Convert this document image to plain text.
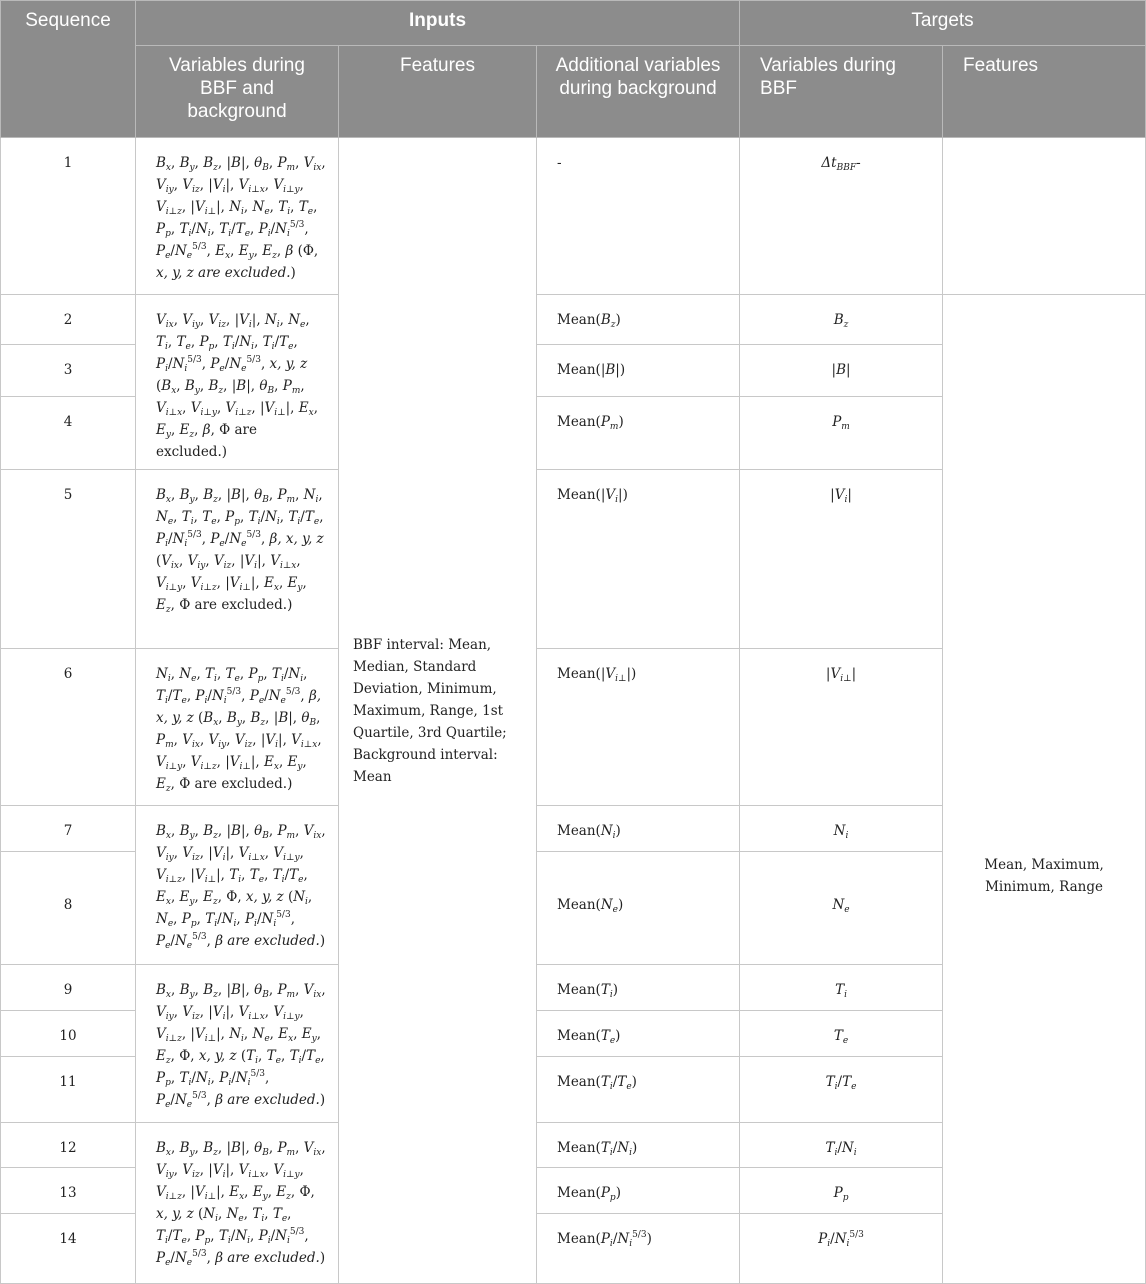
Sequence	Inputs			Targets	
	Variables during BBF and background	Features	Additional variables during background	Variables during BBF	Features
1	$B_x$, $B_y$, $B_z$, |B|, $\theta_B$, $P_m$, $V_{ix}$, $V_{iy}$, $V_{iz}$, $|V_i|$, $V_{i\perp x}$, $V_{i\perp y}$, $V_{i\perp z}$, $|V_{i\perp}|$, $N_i$, $N_e$, $T_i$, $T_e$, $P_p$, $T_i/N_i$, $T_i/T_e$, $P_i/N_i^{5/3}$, $P_e/N_e^{5/3}$, $E_x$, $E_y$, $E_z$, β (Φ, x, y, z are excluded.)	BBF interval: Mean, Median, Standard Deviation, Minimum, Maximum, Range, 1st Quartile, 3rd Quartile; Background interval: Mean	-	$\Delta t_{BBF}-$	
2	$V_{ix}$, $V_{iy}$, $V_{iz}$, $|V_i|$, $N_i$, $N_e$, $T_i$, $T_e$, $P_p$, $T_i/N_i$, $T_i/T_e$, $P_i/N_i^{5/3}$, $P_e/N_e^{5/3}$, x, y, z ($B_x$, $B_y$, $B_z$, |B|, $\theta_B$, $P_m$, $V_{i\perp x}$, $V_{i\perp y}$, $V_{i\perp z}$, $|V_{i\perp}|$, $E_x$, $E_y$, $E_z$, β, Φ are excluded.)		$Mean(B_z)$	$B_z$	Mean, Maximum, Minimum, Range
3			Mean(|B|)	|B|	
4			$Mean(P_m)$	$P_m$
5	$B_x$, $B_y$, $B_z$, |B|, $\theta_B$, $P_m$, $N_i$, $N_e$, $T_i$, $T_e$, $P_p$, $T_i/N_i$, $T_i/T_e$, $P_i/N_i^{5/3}$, $P_e/N_e^{5/3}$, β, x, y, z ($V_{ix}$, $V_{iy}$, $V_{iz}$, $|V_i|$, $V_{i\perp x}$, $V_{i\perp y}$, $V_{i\perp z}$, $|V_{i\perp}|$, $E_x$, $E_y$, $E_z$, Φ are excluded.)		$Mean(|V_i|)$	$|V_i|$	
6	$N_i$, $N_e$, $T_i$, $T_e$, $P_p$, $T_i/N_i$, $T_i/T_e$, $P_i/N_i^{5/3}$, $P_e/N_e^{5/3}$, β, x, y, z ($B_x$, $B_y$, $B_z$, |B|, $\theta_B$, $P_m$, $V_{ix}$, $V_{iy}$, $V_{iz}$, $|V_i|$, $V_{i\perp x}$, $V_{i\perp y}$, $V_{i\perp z}$, $|V_{i\perp}|$, $E_x$, $E_y$, $E_z$, Φ are excluded.)		$Mean(|V_{i\perp}|)$	$|V_{i\perp}|$	
7	$B_x$, $B_y$, $B_z$, |B|, $\theta_B$, $P_m$, $V_{ix}$, $V_{iy}$, $V_{iz}$, $|V_i|$, $V_{i\perp x}$, $V_{i\perp y}$, $V_{i\perp z}$, $|V_{i\perp}|$, $T_i$, $T_e$, $T_i/T_e$, $E_x$, $E_y$, $E_z$, Φ, x, y, z ($N_i$, $N_e$, $P_p$, $T_i/N_i$, $P_i/N_i^{5/3}$, $P_e/N_e^{5/3}$, β are excluded.)		$Mean(N_i)$	$N_i$
8			$Mean(N_e)$	$N_e$
9	$B_x$, $B_y$, $B_z$, |B|, $\theta_B$, $P_m$, $V_{ix}$, $V_{iy}$, $V_{iz}$, $|V_i|$, $V_{i\perp x}$, $V_{i\perp y}$, $V_{i\perp z}$, $|V_{i\perp}|$, $N_i$, $N_e$, $E_x$, $E_y$, $E_z$, Φ, x, y, z ($T_i$, $T_e$, $T_i/T_e$, $P_p$, $T_i/N_i$, $P_i/N_i^{5/3}$, $P_e/N_e^{5/3}$, β are excluded.)		$Mean(T_i)$	$T_i$
10			$Mean(T_e)$	$T_e$
11			$Mean(T_i/T_e)$	$T_i/T_e$
12	$B_x$, $B_y$, $B_z$, |B|, $\theta_B$, $P_m$, $V_{ix}$, $V_{iy}$, $V_{iz}$, $|V_i|$, $V_{i\perp x}$, $V_{i\perp y}$, $V_{i\perp z}$, $|V_{i\perp}|$, $E_x$, $E_y$, $E_z$, Φ, x, y, z ($N_i$, $N_e$, $T_i$, $T_e$, $T_i/T_e$, $P_p$, $T_i/N_i$, $P_i/N_i^{5/3}$, $P_e/N_e^{5/3}$, β are excluded.)		$Mean(T_i/N_i)$	$T_i/N_i$
13			$Mean(P_p)$	$P_p$
14			$Mean(P_i/N_i^{5/3})$	$P_i/N_i^{5/3}$
